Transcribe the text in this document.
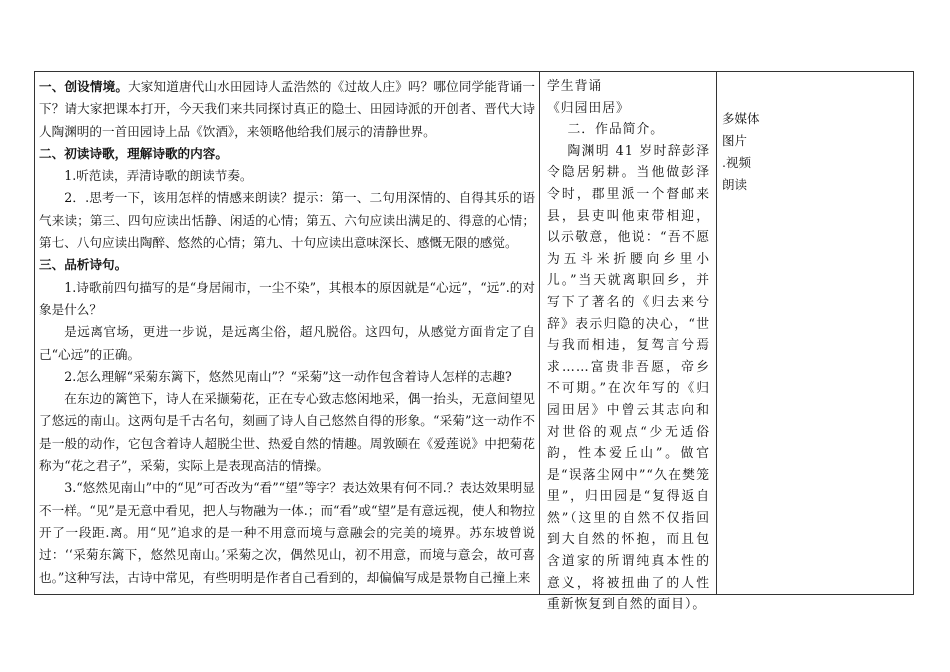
一、创设情境。大家知道唐代山水田园诗人孟浩然的《过故人庄》吗？哪位同学能背诵一下？请大家把课本打开，今天我们来共同探讨真正的隐士、田园诗派的开创者、晋代大诗人陶渊明的一首田园诗上品《饮酒》，来领略他给我们展示的清静世界。

二、初读诗歌，理解诗歌的内容。

1.听范读，弄清诗歌的朗读节奏。

2．.思考一下，该用怎样的情感来朗读？提示：第一、二句用深情的、自得其乐的语气来读；第三、四句应读出恬静、闲适的心情；第五、六句应读出满足的、得意的心情；第七、八句应读出陶醉、悠然的心情；第九、十句应读出意味深长、感慨无限的感觉。

三、品析诗句。

1.诗歌前四句描写的是“身居闹市，一尘不染”，其根本的原因就是“心远”，“远”.的对象是什么？

是远离官场，更进一步说，是远离尘俗，超凡脱俗。这四句，从感觉方面肯定了自己“心远”的正确。

2.怎么理解“采菊东篱下，悠然见南山”？“采菊”这一动作包含着诗人怎样的志趣?

在东边的篱笆下，诗人在采撷菊花，正在专心致志悠闲地采，偶一抬头，无意间望见了悠远的南山。这两句是千古名句，刻画了诗人自己悠然自得的形象。“采菊”这一动作不是一般的动作，它包含着诗人超脱尘世、热爱自然的情趣。周敦颐在《爱莲说》中把菊花称为“花之君子”，采菊，实际上是表现高洁的情操。

3.“悠然见南山”中的“见”可否改为“看”“望”等字？表达效果有何不同.？表达效果明显不一样。“见”是无意中看见，把人与物融为一体.；而“看”或“望”是有意远视，使人和物拉开了一段距.离。用“见”追求的是一种不用意而境与意融会的完美的境界。苏东坡曾说过：‘‘采菊东篱下，悠然见南山。’采菊之次，偶然见山，初不用意，而境与意会，故可喜也。”这种写法，古诗中常见，有些明明是作者自己看到的，却偏偏写成是景物自己撞上来

学生背诵

《归园田居》

二．作品简介。

陶渊明 41 岁时辞彭泽令隐居躬耕。当他做彭泽令时，郡里派一个督邮来县，县吏叫他束带相迎，以示敬意，他说：“吾不愿为五斗米折腰向乡里小儿。”当天就离职回乡，并写下了著名的《归去来兮辞》表示归隐的决心，“世与我而相违，复驾言兮焉求……富贵非吾愿，帝乡不可期。”在次年写的《归园田居》中曾云其志向和对世俗的观点“少无适俗韵，性本爱丘山”。做官是“误落尘网中”“久在樊笼里”，归田园是“复得返自然”（这里的自然不仅指回到大自然的怀抱，而且包含道家的所谓纯真本性的意义，将被扭曲了的人性重新恢复到自然的面目）。

多媒体

图片

.视频

朗读
